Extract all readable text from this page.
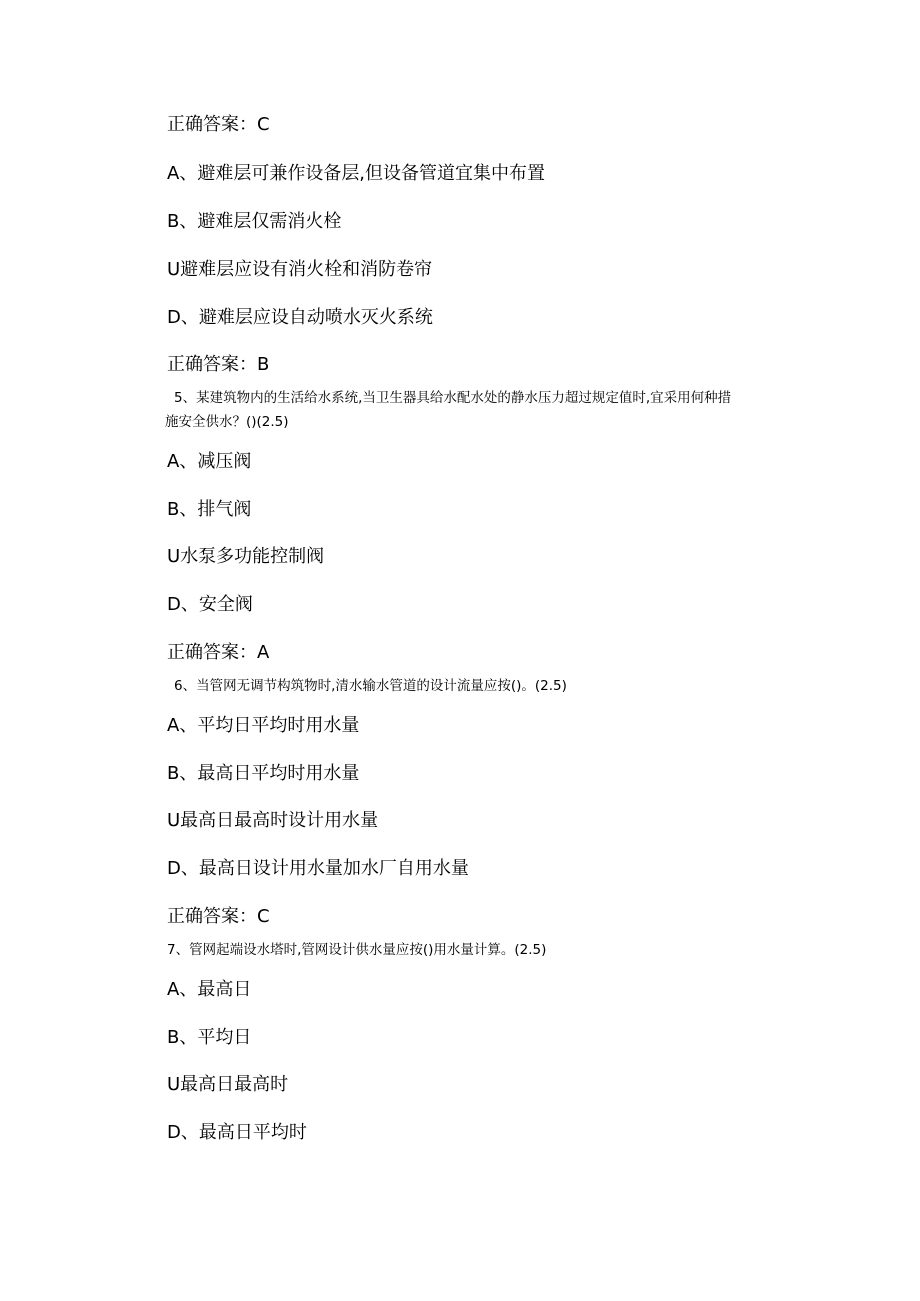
正确答案：C
A、避难层可兼作设备层,但设备管道宜集中布置
B、避难层仅需消火栓
U避难层应设有消火栓和消防卷帘
D、避难层应设自动喷水灭火系统
正确答案：B
5、某建筑物内的生活给水系统,当卫生器具给水配水处的静水压力超过规定值时,宜采用何种措
施安全供水？()(2.5)
A、减压阀
B、排气阀
U水泵多功能控制阀
D、安全阀
正确答案：A
6、当管网无调节构筑物时,清水输水管道的设计流量应按()。(2.5)
A、平均日平均时用水量
B、最高日平均时用水量
U最高日最高时设计用水量
D、最高日设计用水量加水厂自用水量
正确答案：C
7、管网起端设水塔时,管网设计供水量应按()用水量计算。(2.5)
A、最高日
B、平均日
U最高日最高时
D、最高日平均时
